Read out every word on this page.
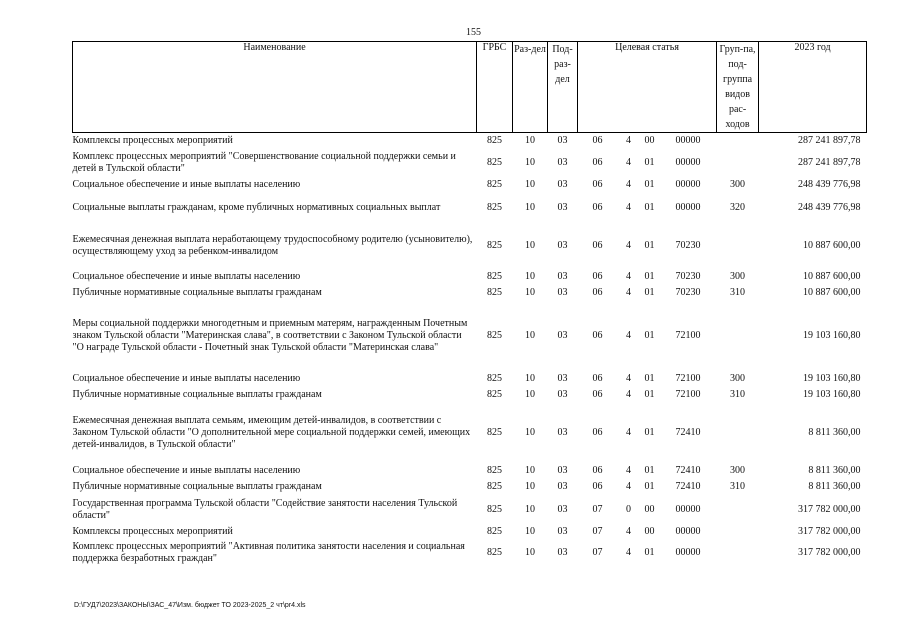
155
Наименование	ГРБС	Раз-дел	Под-раз-дел	Целевая статья				Груп-па, под-группа видов рас-ходов	2023 год
Комплексы процессных мероприятий	825	10	03	06	4	00	00000		287 241 897,78
Комплекс процессных мероприятий "Совершенствование социальной поддержки семьи и детей в Тульской области"	825	10	03	06	4	01	00000		287 241 897,78
Социальное обеспечение и иные выплаты населению	825	10	03	06	4	01	00000	300	248 439 776,98
Социальные выплаты гражданам, кроме публичных нормативных социальных выплат	825	10	03	06	4	01	00000	320	248 439 776,98
Ежемесячная денежная выплата неработающему трудоспособному родителю (усыновителю), осуществляющему уход за ребенком-инвалидом	825	10	03	06	4	01	70230		10 887 600,00
Социальное обеспечение и иные выплаты населению	825	10	03	06	4	01	70230	300	10 887 600,00
Публичные нормативные социальные выплаты гражданам	825	10	03	06	4	01	70230	310	10 887 600,00
Меры социальной поддержки многодетным и приемным матерям, награжденным Почетным знаком Тульской области "Материнская слава", в соответствии с Законом Тульской области "О награде Тульской области - Почетный знак Тульской области "Материнская слава"	825	10	03	06	4	01	72100		19 103 160,80
Социальное обеспечение и иные выплаты населению	825	10	03	06	4	01	72100	300	19 103 160,80
Публичные нормативные социальные выплаты гражданам	825	10	03	06	4	01	72100	310	19 103 160,80
Ежемесячная денежная выплата семьям, имеющим детей-инвалидов, в соответствии с Законом Тульской области "О дополнительной мере социальной поддержки семей, имеющих детей-инвалидов, в Тульской области"	825	10	03	06	4	01	72410		8 811 360,00
Социальное обеспечение и иные выплаты населению	825	10	03	06	4	01	72410	300	8 811 360,00
Публичные нормативные социальные выплаты гражданам	825	10	03	06	4	01	72410	310	8 811 360,00
Государственная программа Тульской области "Содействие занятости населения Тульской области"	825	10	03	07	0	00	00000		317 782 000,00
Комплексы процессных мероприятий	825	10	03	07	4	00	00000		317 782 000,00
Комплекс процессных мероприятий "Активная политика занятости населения и социальная поддержка безработных граждан"	825	10	03	07	4	01	00000		317 782 000,00
D:\ГУД7\2023\ЗАКОНЫ\ЗАС_47\Изм. бюджет ТО 2023-2025_2 чт\pr4.xls
